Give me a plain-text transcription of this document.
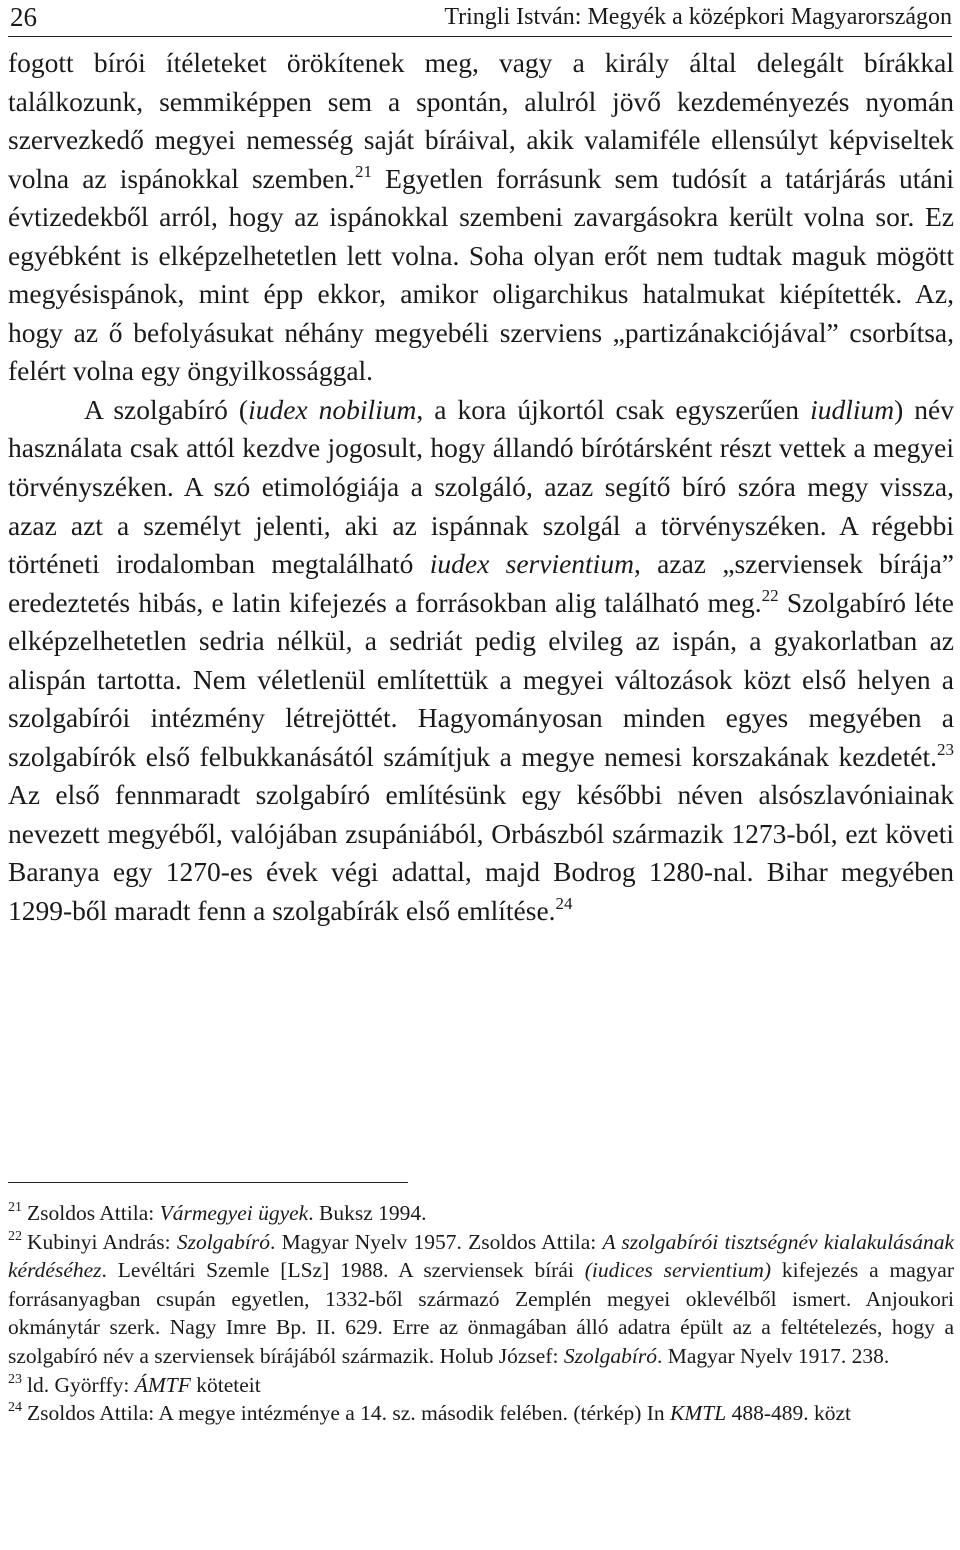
26	Tringli István: Megyék a középkori Magyarországon

fogott bírói ítéleteket örökítenek meg, vagy a király által delegált bírákkal találkozunk, semmiképpen sem a spontán, alulról jövő kezdeményezés nyomán szervezkedő megyei nemesség saját bíráival, akik valamiféle ellensúlyt képviseltek volna az ispánokkal szemben.$^{21}$ Egyetlen forrásunk sem tudósít a tatárjárás utáni évtizedekből arról, hogy az ispánokkal szembeni zavargásokra került volna sor. Ez egyébként is elképzelhetetlen lett volna. Soha olyan erőt nem tudtak maguk mögött megyésispánok, mint épp ekkor, amikor oligarchikus hatalmukat kiépítették. Az, hogy az ő befolyásukat néhány megyebéli szerviens „partizánakciójával” csorbítsa, felért volna egy öngyilkossággal.

A szolgabíró (iudex nobilium, a kora újkortól csak egyszerűen iudlium) név használata csak attól kezdve jogosult, hogy állandó bírótársként részt vettek a megyei törvényszéken. A szó etimológiája a szolgáló, azaz segítő bíró szóra megy vissza, azaz azt a személyt jelenti, aki az ispánnak szolgál a törvényszéken. A régebbi történeti irodalomban megtalálható iudex servientium, azaz „szerviensek bírája” eredeztetés hibás, e latin kifejezés a forrásokban alig található meg.$^{22}$ Szolgabíró léte elképzelhetetlen sedria nélkül, a sedriát pedig elvileg az ispán, a gyakorlatban az alispán tartotta. Nem véletlenül említettük a megyei változások közt első helyen a szolgabírói intézmény létrejöttét. Hagyományosan minden egyes megyében a szolgabírók első felbukkanásától számítjuk a megye nemesi korszakának kezdetét.$^{23}$ Az első fennmaradt szolgabíró említésünk egy későbbi néven alsószlavóniainak nevezett megyéből, valójában zsupániából, Orbászból származik 1273-ból, ezt követi Baranya egy 1270-es évek végi adattal, majd Bodrog 1280-nal. Bihar megyében 1299-ből maradt fenn a szolgabírák első említése.$^{24}$

$^{21}$ Zsoldos Attila: Vármegyei ügyek. Buksz 1994.

$^{22}$ Kubinyi András: Szolgabíró. Magyar Nyelv 1957. Zsoldos Attila: A szolgabírói tisztségnév kialakulásának kérdéséhez. Levéltári Szemle [LSz] 1988. A szerviensek bírái (iudices servientium) kifejezés a magyar forrásanyagban csupán egyetlen, 1332-ből származó Zemplén megyei oklevélből ismert. Anjoukori okmánytár szerk. Nagy Imre Bp. II. 629. Erre az önmagában álló adatra épült az a feltételezés, hogy a szolgabíró név a szerviensek bírájából származik. Holub József: Szolgabíró. Magyar Nyelv 1917. 238.

$^{23}$ ld. Györffy: ÁMTF köteteit

$^{24}$ Zsoldos Attila: A megye intézménye a 14. sz. második felében. (térkép) In KMTL 488-489. közt
